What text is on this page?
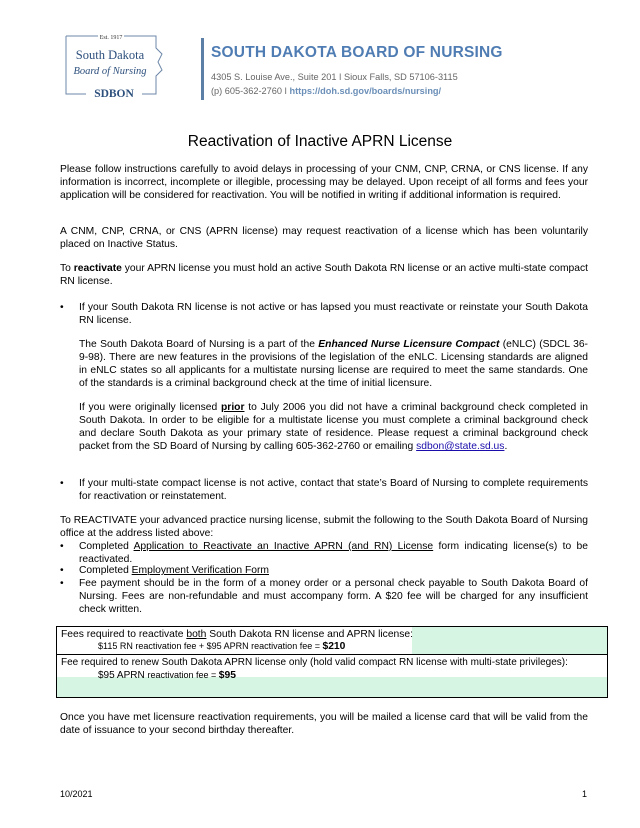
Est. 1917
South Dakota
Board of Nursing
SDBON
SOUTH DAKOTA BOARD OF NURSING
4305 S. Louise Ave., Suite 201 ǀ Sioux Falls, SD 57106-3115
(p) 605-362-2760 ǀ https://doh.sd.gov/boards/nursing/
Reactivation of Inactive APRN License

Please follow instructions carefully to avoid delays in processing of your CNM, CNP, CRNA, or CNS license. If any information is incorrect, incomplete or illegible, processing may be delayed. Upon receipt of all forms and fees your application will be considered for reactivation. You will be notified in writing if additional information is required.

A CNM, CNP, CRNA, or CNS (APRN license) may request reactivation of a license which has been voluntarily placed on Inactive Status.

To reactivate your APRN license you must hold an active South Dakota RN license or an active multi-state compact RN license.

• If your South Dakota RN license is not active or has lapsed you must reactivate or reinstate your South Dakota RN license.

The South Dakota Board of Nursing is a part of the Enhanced Nurse Licensure Compact (eNLC) (SDCL 36-9-98). There are new features in the provisions of the legislation of the eNLC. Licensing standards are aligned in eNLC states so all applicants for a multistate nursing license are required to meet the same standards. One of the standards is a criminal background check at the time of initial licensure.

If you were originally licensed prior to July 2006 you did not have a criminal background check completed in South Dakota. In order to be eligible for a multistate license you must complete a criminal background check and declare South Dakota as your primary state of residence. Please request a criminal background check packet from the SD Board of Nursing by calling 605-362-2760 or emailing sdbon@state.sd.us.

• If your multi-state compact license is not active, contact that state’s Board of Nursing to complete requirements for reactivation or reinstatement.

To REACTIVATE your advanced practice nursing license, submit the following to the South Dakota Board of Nursing office at the address listed above:

• Completed Application to Reactivate an Inactive APRN (and RN) License form indicating license(s) to be reactivated.

• Completed Employment Verification Form

• Fee payment should be in the form of a money order or a personal check payable to South Dakota Board of Nursing. Fees are non-refundable and must accompany form. A $20 fee will be charged for any insufficient check written.

Fees required to reactivate both South Dakota RN license and APRN license:
$115 RN reactivation fee + $95 APRN reactivation fee = $210
Fee required to renew South Dakota APRN license only (hold valid compact RN license with multi-state privileges):
$95 APRN reactivation fee = $95

Once you have met licensure reactivation requirements, you will be mailed a license card that will be valid from the date of issuance to your second birthday thereafter.

10/2021	1
